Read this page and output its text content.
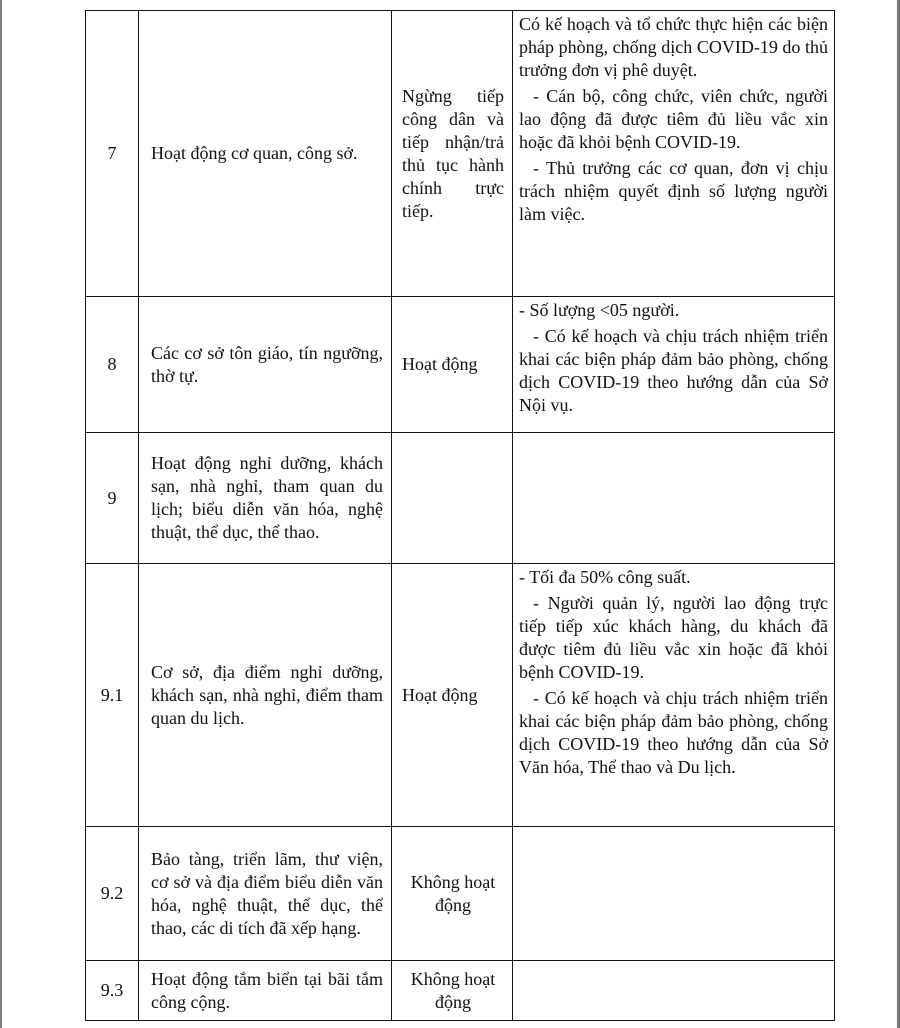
7	Hoạt động cơ quan, công sở.	Ngừng tiếp công dân và tiếp nhận/trả thủ tục hành chính trực tiếp.	Có kế hoạch và tổ chức thực hiện các biện pháp phòng, chống dịch COVID-19 do thủ trưởng đơn vị phê duyệt.

- Cán bộ, công chức, viên chức, người lao động đã được tiêm đủ liều vắc xin hoặc đã khỏi bệnh COVID-19.

- Thủ trưởng các cơ quan, đơn vị chịu trách nhiệm quyết định số lượng người làm việc.

8	Các cơ sở tôn giáo, tín ngưỡng, thờ tự.	Hoạt động	- Số lượng <05 người.

- Có kế hoạch và chịu trách nhiệm triển khai các biện pháp đảm bảo phòng, chống dịch COVID-19 theo hướng dẫn của Sở Nội vụ.

9	Hoạt động nghỉ dưỡng, khách sạn, nhà nghỉ, tham quan du lịch; biểu diễn văn hóa, nghệ thuật, thể dục, thể thao.		
9.1	Cơ sở, địa điểm nghỉ dưỡng, khách sạn, nhà nghỉ, điểm tham quan du lịch.	Hoạt động	- Tối đa 50% công suất.

- Người quản lý, người lao động trực tiếp tiếp xúc khách hàng, du khách đã được tiêm đủ liều vắc xin hoặc đã khỏi bệnh COVID-19.

- Có kế hoạch và chịu trách nhiệm triển khai các biện pháp đảm bảo phòng, chống dịch COVID-19 theo hướng dẫn của Sở Văn hóa, Thể thao và Du lịch.

9.2	Bảo tàng, triển lãm, thư viện, cơ sở và địa điểm biểu diễn văn hóa, nghệ thuật, thể dục, thể thao, các di tích đã xếp hạng.	Không hoạt động	
9.3	Hoạt động tắm biển tại bãi tắm công cộng.	Không hoạt động	
